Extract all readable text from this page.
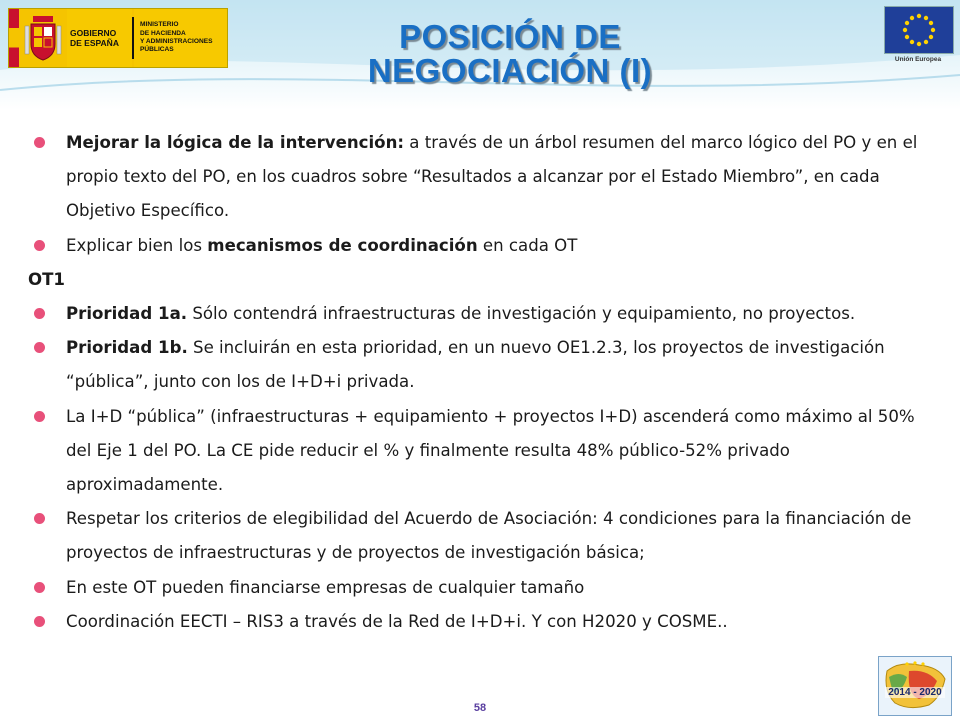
GOBIERNO
DE ESPAÑA
MINISTERIO
DE HACIENDA
Y ADMINISTRACIONES
PÚBLICAS
Unión Europea
POSICIÓN DE
NEGOCIACIÓN (I)
Mejorar la lógica de la intervención: a través de un árbol resumen del marco lógico del PO y en el propio texto del PO, en los cuadros sobre “Resultados a alcanzar por el Estado Miembro”, en cada Objetivo Específico.
Explicar bien los mecanismos de coordinación en cada OT
OT1
Prioridad 1a. Sólo contendrá infraestructuras de investigación y equipamiento, no proyectos.
Prioridad 1b. Se incluirán en esta prioridad, en un nuevo OE1.2.3, los proyectos de investigación “pública”, junto con los de I+D+i privada.
La I+D “pública” (infraestructuras + equipamiento + proyectos I+D) ascenderá como máximo al 50% del Eje 1 del PO. La CE pide reducir el % y finalmente resulta 48% público-52% privado aproximadamente.
Respetar los criterios de elegibilidad del Acuerdo de Asociación: 4 condiciones para la financiación de proyectos de infraestructuras y de proyectos de investigación básica;
En este OT pueden financiarse empresas de cualquier tamaño
Coordinación EECTI – RIS3 a través de la Red de I+D+i. Y con H2020 y COSME..
58
2014 - 2020
